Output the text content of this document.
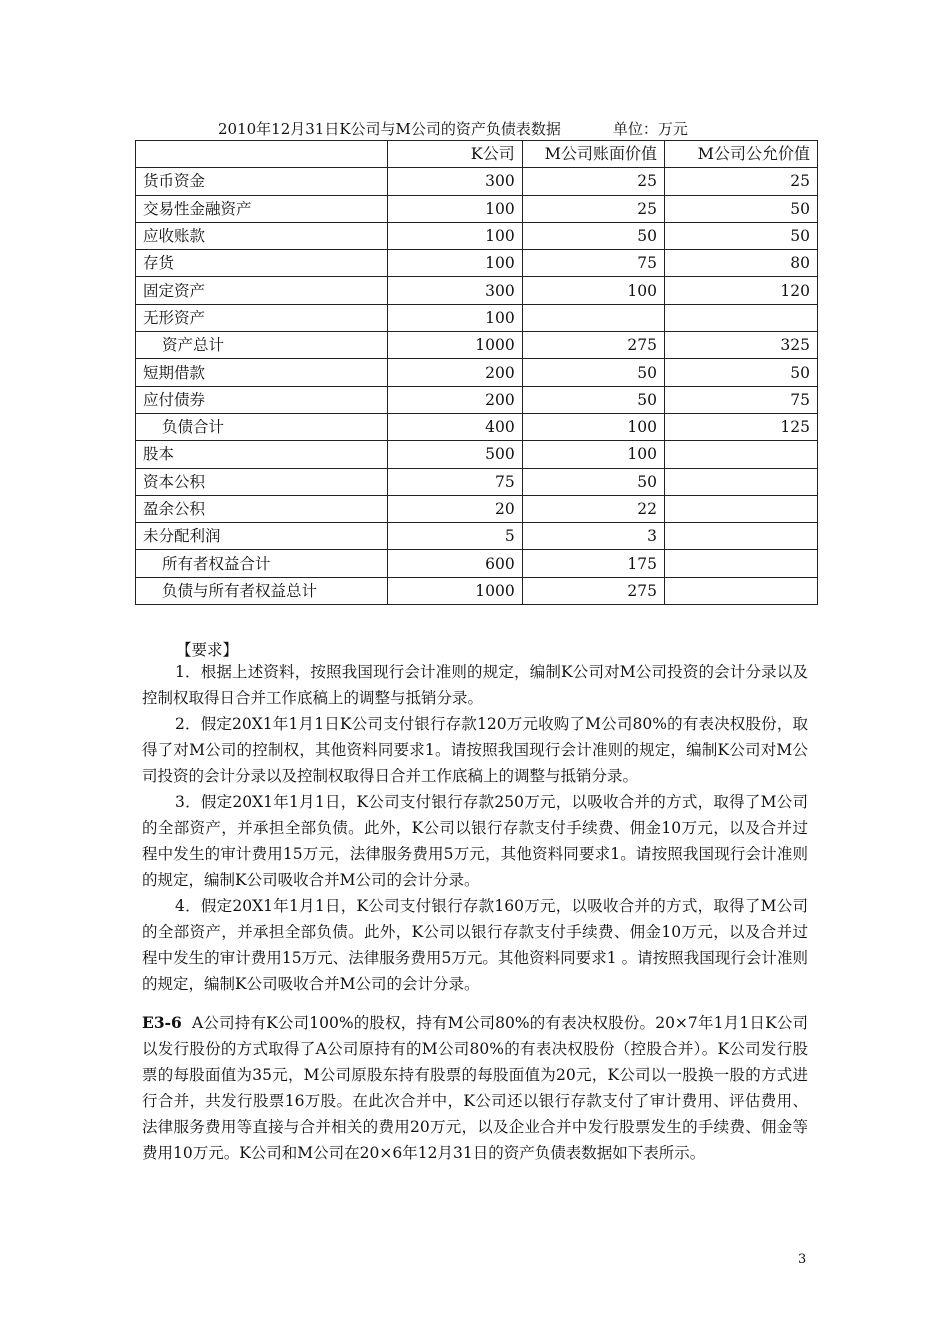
2010年12月31日K公司与M公司的资产负债表数据	单位：万元
	K公司	M公司账面价值	M公司公允价值
货币资金	300	25	25
交易性金融资产	100	25	50
应收账款	100	50	50
存货	100	75	80
固定资产	300	100	120
无形资产	100		
资产总计	1000	275	325
短期借款	200	50	50
应付债券	200	50	75
负债合计	400	100	125
股本	500	100	
资本公积	75	50	
盈余公积	20	22	
未分配利润	5	3	
所有者权益合计	600	175	
负债与所有者权益总计	1000	275	
【要求】

1．根据上述资料，按照我国现行会计准则的规定，编制K公司对M公司投资的会计分录以及控制权取得日合并工作底稿上的调整与抵销分录。

2．假定20X1年1月1日K公司支付银行存款120万元收购了M公司80%的有表决权股份，取得了对M公司的控制权，其他资料同要求1。请按照我国现行会计准则的规定，编制K公司对M公司投资的会计分录以及控制权取得日合并工作底稿上的调整与抵销分录。

3．假定20X1年1月1日，K公司支付银行存款250万元，以吸收合并的方式，取得了M公司的全部资产，并承担全部负债。此外，K公司以银行存款支付手续费、佣金10万元，以及合并过程中发生的审计费用15万元，法律服务费用5万元，其他资料同要求1。请按照我国现行会计准则的规定，编制K公司吸收合并M公司的会计分录。

4．假定20X1年1月1日，K公司支付银行存款160万元，以吸收合并的方式，取得了M公司的全部资产，并承担全部负债。此外，K公司以银行存款支付手续费、佣金10万元，以及合并过程中发生的审计费用15万元、法律服务费用5万元。其他资料同要求1 。请按照我国现行会计准则的规定，编制K公司吸收合并M公司的会计分录。

E3-6 A公司持有K公司100%的股权，持有M公司80%的有表决权股份。20×7年1月1日K公司以发行股份的方式取得了A公司原持有的M公司80%的有表决权股份（控股合并）。K公司发行股票的每股面值为35元，M公司原股东持有股票的每股面值为20元，K公司以一股换一股的方式进行合并，共发行股票16万股。在此次合并中，K公司还以银行存款支付了审计费用、评估费用、法律服务费用等直接与合并相关的费用20万元，以及企业合并中发行股票发生的手续费、佣金等费用10万元。K公司和M公司在20×6年12月31日的资产负债表数据如下表所示。

3
